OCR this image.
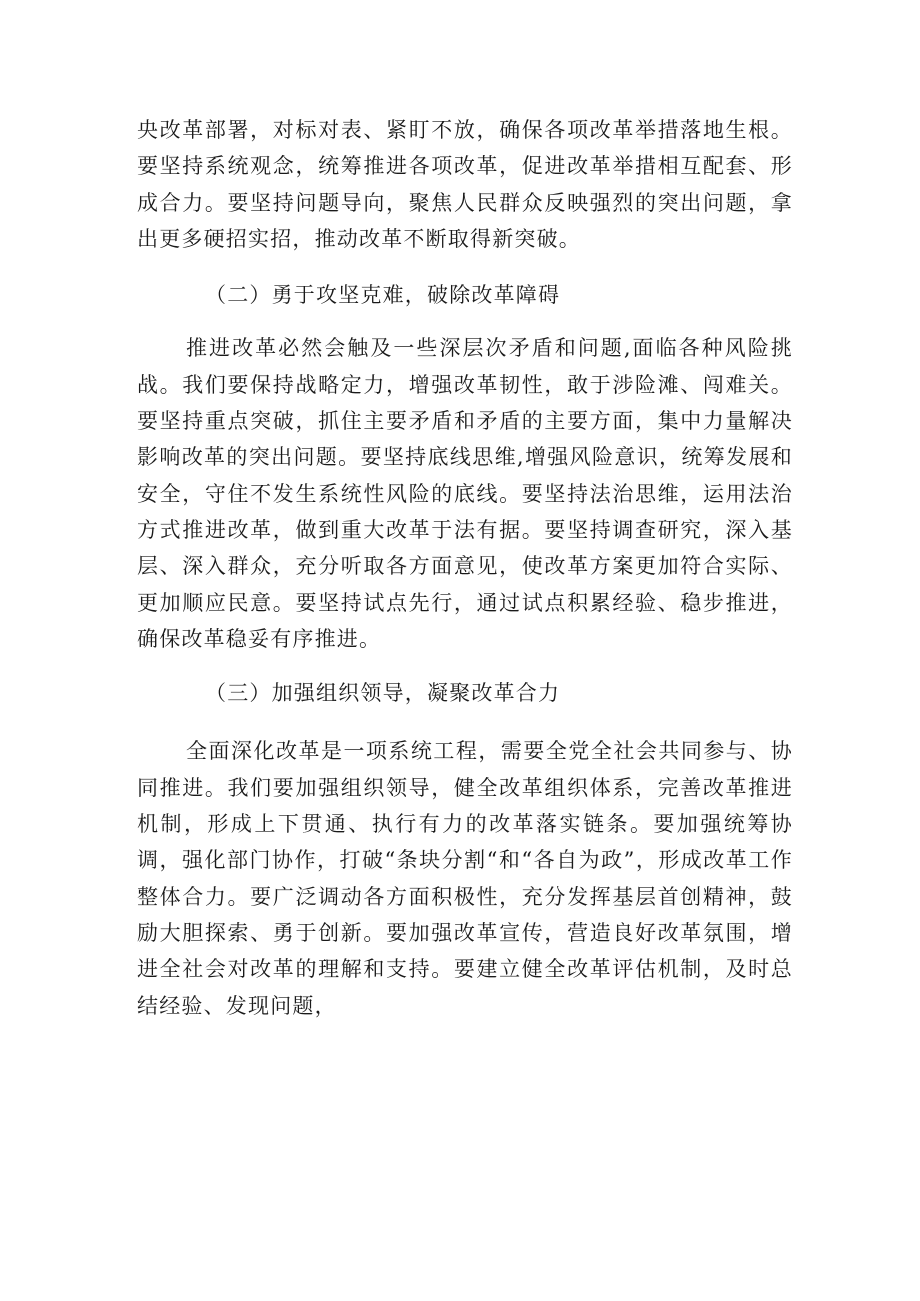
央改革部署，对标对表、紧盯不放，确保各项改革举措落地生根。要坚持系统观念，统筹推进各项改革，促进改革举措相互配套、形成合力。要坚持问题导向，聚焦人民群众反映强烈的突出问题，拿出更多硬招实招，推动改革不断取得新突破。

（二）勇于攻坚克难，破除改革障碍

推进改革必然会触及一些深层次矛盾和问题,面临各种风险挑战。我们要保持战略定力，增强改革韧性，敢于涉险滩、闯难关。要坚持重点突破，抓住主要矛盾和矛盾的主要方面，集中力量解决影响改革的突出问题。要坚持底线思维,增强风险意识，统筹发展和安全，守住不发生系统性风险的底线。要坚持法治思维，运用法治方式推进改革，做到重大改革于法有据。要坚持调查研究，深入基层、深入群众，充分听取各方面意见，使改革方案更加符合实际、更加顺应民意。要坚持试点先行，通过试点积累经验、稳步推进，确保改革稳妥有序推进。

（三）加强组织领导，凝聚改革合力

全面深化改革是一项系统工程，需要全党全社会共同参与、协同推进。我们要加强组织领导，健全改革组织体系，完善改革推进机制，形成上下贯通、执行有力的改革落实链条。要加强统筹协调，强化部门协作，打破“条块分割“和“各自为政”，形成改革工作整体合力。要广泛调动各方面积极性，充分发挥基层首创精神，鼓励大胆探索、勇于创新。要加强改革宣传，营造良好改革氛围，增进全社会对改革的理解和支持。要建立健全改革评估机制，及时总结经验、发现问题，
